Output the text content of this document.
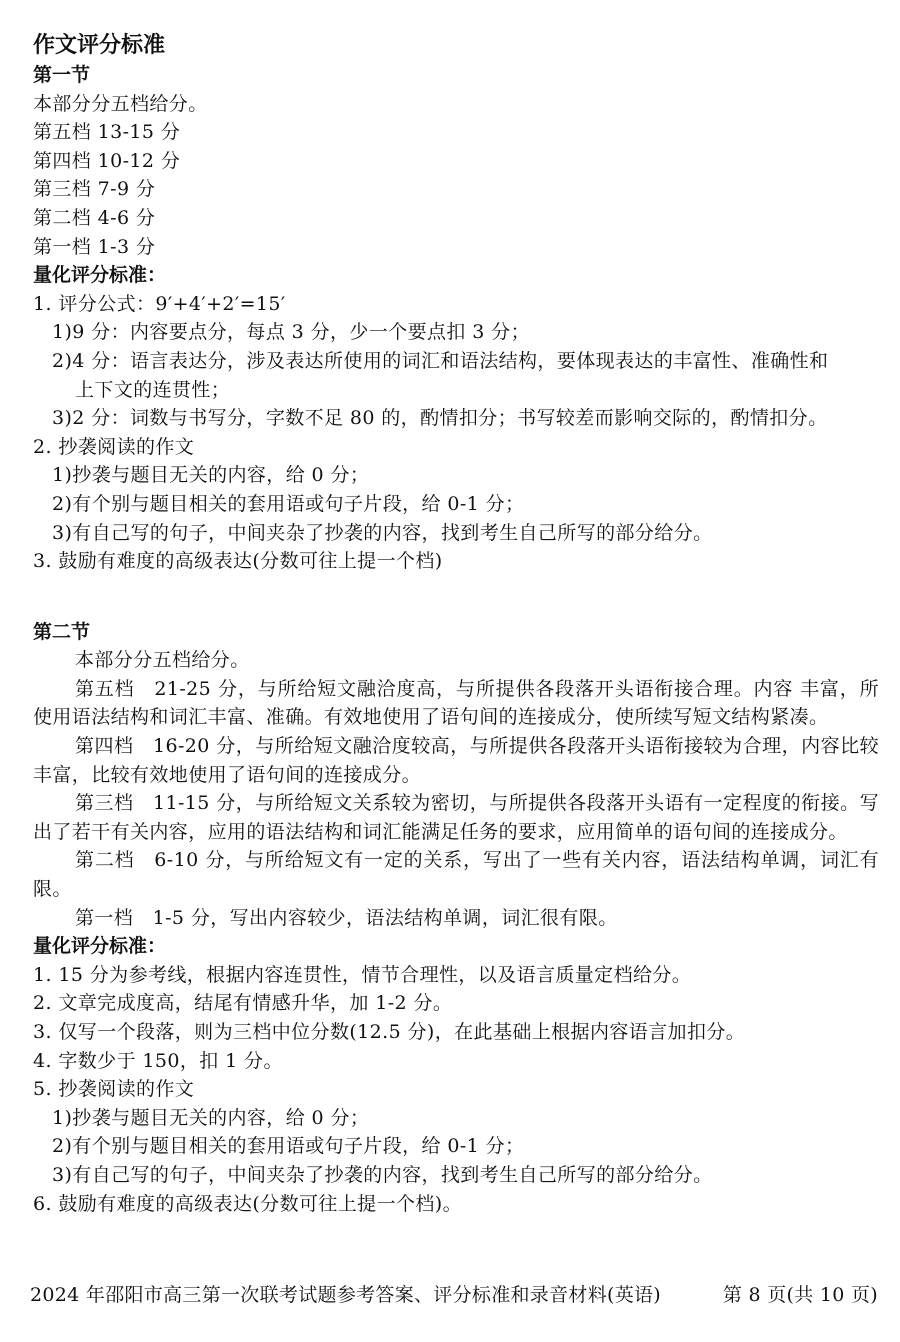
作文评分标准
第一节
本部分分五档给分。
第五档 13-15 分
第四档 10-12 分
第三档 7-9 分
第二档 4-6 分
第一档 1-3 分
量化评分标准：
1. 评分公式：9′+4′+2′=15′
1)9 分：内容要点分，每点 3 分，少一个要点扣 3 分；
2)4 分：语言表达分，涉及表达所使用的词汇和语法结构，要体现表达的丰富性、准确性和
上下文的连贯性；
3)2 分：词数与书写分，字数不足 80 的，酌情扣分；书写较差而影响交际的，酌情扣分。
2. 抄袭阅读的作文
1)抄袭与题目无关的内容，给 0 分；
2)有个别与题目相关的套用语或句子片段，给 0-1 分；
3)有自己写的句子，中间夹杂了抄袭的内容，找到考生自己所写的部分给分。
3. 鼓励有难度的高级表达(分数可往上提一个档)
第二节
本部分分五档给分。
第五档　21-25 分，与所给短文融洽度高，与所提供各段落开头语衔接合理。内容 丰富，所使用语法结构和词汇丰富、准确。有效地使用了语句间的连接成分，使所续写短文结构紧凑。
第四档　16-20 分，与所给短文融洽度较高，与所提供各段落开头语衔接较为合理，内容比较丰富，比较有效地使用了语句间的连接成分。
第三档　11-15 分，与所给短文关系较为密切，与所提供各段落开头语有一定程度的衔接。写出了若干有关内容，应用的语法结构和词汇能满足任务的要求，应用简单的语句间的连接成分。
第二档　6-10 分，与所给短文有一定的关系，写出了一些有关内容，语法结构单调，词汇有限。
第一档　1-5 分，写出内容较少，语法结构单调，词汇很有限。
量化评分标准：
1. 15 分为参考线，根据内容连贯性，情节合理性，以及语言质量定档给分。
2. 文章完成度高，结尾有情感升华，加 1-2 分。
3. 仅写一个段落，则为三档中位分数(12.5 分)，在此基础上根据内容语言加扣分。
4. 字数少于 150，扣 1 分。
5. 抄袭阅读的作文
1)抄袭与题目无关的内容，给 0 分；
2)有个别与题目相关的套用语或句子片段，给 0-1 分；
3)有自己写的句子，中间夹杂了抄袭的内容，找到考生自己所写的部分给分。
6. 鼓励有难度的高级表达(分数可往上提一个档)。
2024 年邵阳市高三第一次联考试题参考答案、评分标准和录音材料(英语)	第 8 页(共 10 页)
